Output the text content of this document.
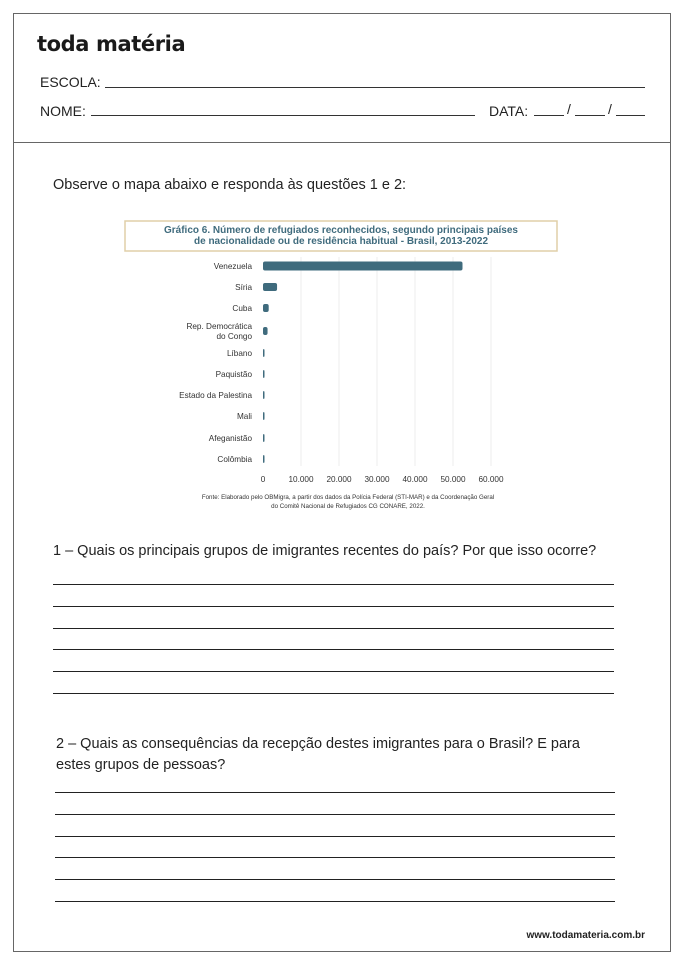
toda matéria
ESCOLA:
NOME:	DATA:	/	/
Observe o mapa abaixo e responda às questões 1 e 2:
Gráfico 6. Número de refugiados reconhecidos, segundo principais países
de nacionalidade ou de residência habitual - Brasil, 2013-2022
Venezuela
Síria
Cuba
Rep. Democrática
do Congo
Líbano
Paquistão
Estado da Palestina
Mali
Afeganistão
Colômbia
0	10.000 20.000 30.000 40.000 50.000 60.000
Fonte: Elaborado pelo OBMigra, a partir dos dados da Polícia Federal (STI-MAR) e da Coordenação Geral
do Comitê Nacional de Refugiados CG CONARE, 2022.
1 – Quais os principais grupos de imigrantes recentes do país? Por que isso ocorre?
2 – Quais as consequências da recepção destes imigrantes para o Brasil? E para
estes grupos de pessoas?
www.todamateria.com.br
